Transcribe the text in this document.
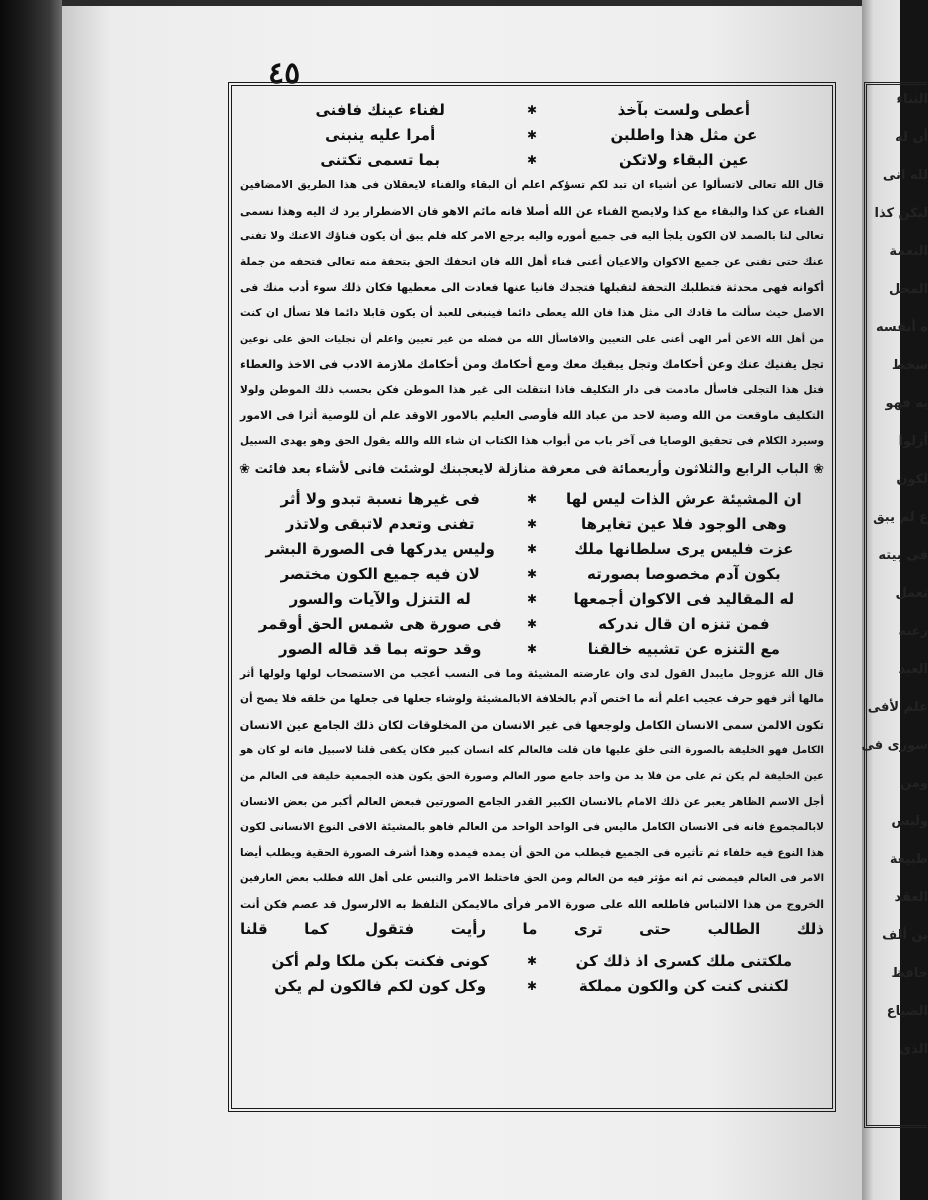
الثناء
أن له
لله انى
ليكن كذا
النعمة
المحل
ه أنفسه
سخط
يه فهو
أزلوا
لكون
ع لم يبق
فى بيته
تعمل
رعنه
العبد
علم لأفى
سورى فى
ومن
وليس
طبيعة
العقد
ين ألف
حافظ
الضياع
الذى
٤٥
أعطى ولست بآخذ
✱
لفناء عينك فافنى
عن مثل هذا واطلبن
✱
أمرا عليه ينبنى
عين البقاء ولاتكن
✱
بما تسمى تكتنى

قال الله تعالى لاتسألوا عن أشياء ان تبد لكم تسؤكم اعلم أن البقاء والفناء لايعقلان فى هذا الطريق الامضافين

الفناء عن كذا والبقاء مع كذا ولايصح الفناء عن الله أصلا فانه مائم الاهو فان الاضطرار يرد ك اليه وهذا نسمى

تعالى لنا بالصمد لان الكون يلجأ اليه فى جميع أموره واليه يرجع الامر كله فلم يبق أن يكون فناؤك الاعنك ولا تفنى

عنك حتى تفنى عن جميع الاكوان والاعيان أعنى فناء أهل الله فان اتحفك الحق بتحفة منه تعالى فتحفه من جملة

أكوانه فهى محدثة فتطلبك التحفة لتقبلها فتجدك فانيا عنها فعادت الى معطيها فكان ذلك سوء أدب منك فى

الاصل حيث سألت ما قادك الى مثل هذا فان الله يعطى دائما فينبغى للعبد أن يكون قابلا دائما فلا تسأل ان كنت

من أهل الله الاعن أمر الهى أعنى على التعيين والافاسأل الله من فضله من غير تعيين واعلم أن تجليات الحق على نوعين

تجل يفنيك عنك وعن أحكامك وتجل يبقيك معك ومع أحكامك ومن أحكامك ملازمة الادب فى الاخذ والعطاء

فتل هذا التجلى فاسأل مادمت فى دار التكليف فاذا انتقلت الى غير هذا الموطن فكن بحسب ذلك الموطن ولولا

التكليف ماوقعت من الله وصية لاحد من عباد الله فأوصى العليم بالامور الاوقد علم أن للوصية أثرا فى الامور

وسيرد الكلام فى تحقيق الوصايا فى آخر باب من أبواب هذا الكتاب ان شاء الله والله يقول الحق وهو يهدى السبيل

❀ الباب الرابع والثلاثون وأربعمائة فى معرفة منازلة لايعجبنك لوشئت فانى لأشاء بعد فائت ❀
ان المشيئة عرش الذات ليس لها
✱
فى غيرها نسبة تبدو ولا أثر
وهى الوجود فلا عين تغايرها
✱
تفنى وتعدم لاتبقى ولاتذر
عزت فليس يرى سلطانها ملك
✱
وليس يدركها فى الصورة البشر
بكون آدم مخصوصا بصورته
✱
لان فيه جميع الكون مختصر
له المقاليد فى الاكوان أجمعها
✱
له التنزل والآيات والسور
فمن تنزه ان قال ندركه
✱
فى صورة هى شمس الحق أوقمر
مع التنزه عن تشبيه خالقنا
✱
وقد حوته بما قد قاله الصور

قال الله عزوجل مايبدل القول لدى وان عارضته المشيئة وما فى النسب أعجب من الاستصحاب لولها ولولها أثر

مالها أثر فهو حرف عجيب اعلم أنه ما اختص آدم بالخلافة الابالمشيئة ولوشاء جعلها فى جعلها من خلقه فلا يصح أن

تكون الالمن سمى الانسان الكامل ولوجعها فى غير الانسان من المخلوقات لكان ذلك الجامع عين الانسان

الكامل فهو الخليفة بالصورة التى خلق عليها فان قلت فالعالم كله انسان كبير فكان يكفى قلنا لاسبيل فانه لو كان هو

عين الخليفة لم يكن ثم على من فلا بد من واحد جامع صور العالم وصورة الحق يكون هذه الجمعية خليفة فى العالم من

أجل الاسم الظاهر يعبر عن ذلك الامام بالانسان الكبير القدر الجامع الصورتين فبعض العالم أكبر من بعض الانسان

لابالمجموع فانه فى الانسان الكامل ماليس فى الواحد الواحد من العالم فاهو بالمشيئة الافى النوع الانسانى لكون

هذا النوع فيه خلفاء ثم تأثيره فى الجميع فيطلب من الحق أن يمده فيمده وهذا أشرف الصورة الحقية ويطلب أيضا

الامر فى العالم فيمضى ثم انه مؤثر فيه من العالم ومن الحق فاختلط الامر والتبس على أهل الله فطلب بعض العارفين

الخروج من هذا الالتباس فاطلعه الله على صورة الامر فرأى مالايمكن التلفظ به الالرسول قد عصم فكن أنت

ذلك الطالب حتى ترى ما رأيت فتقول كما قلنا

ملكتنى ملك كسرى اذ ذلك كن
✱
كونى فكنت بكن ملكا ولم أكن
لكننى كنت كن والكون مملكة
✱
وكل كون لكم فالكون لم يكن
